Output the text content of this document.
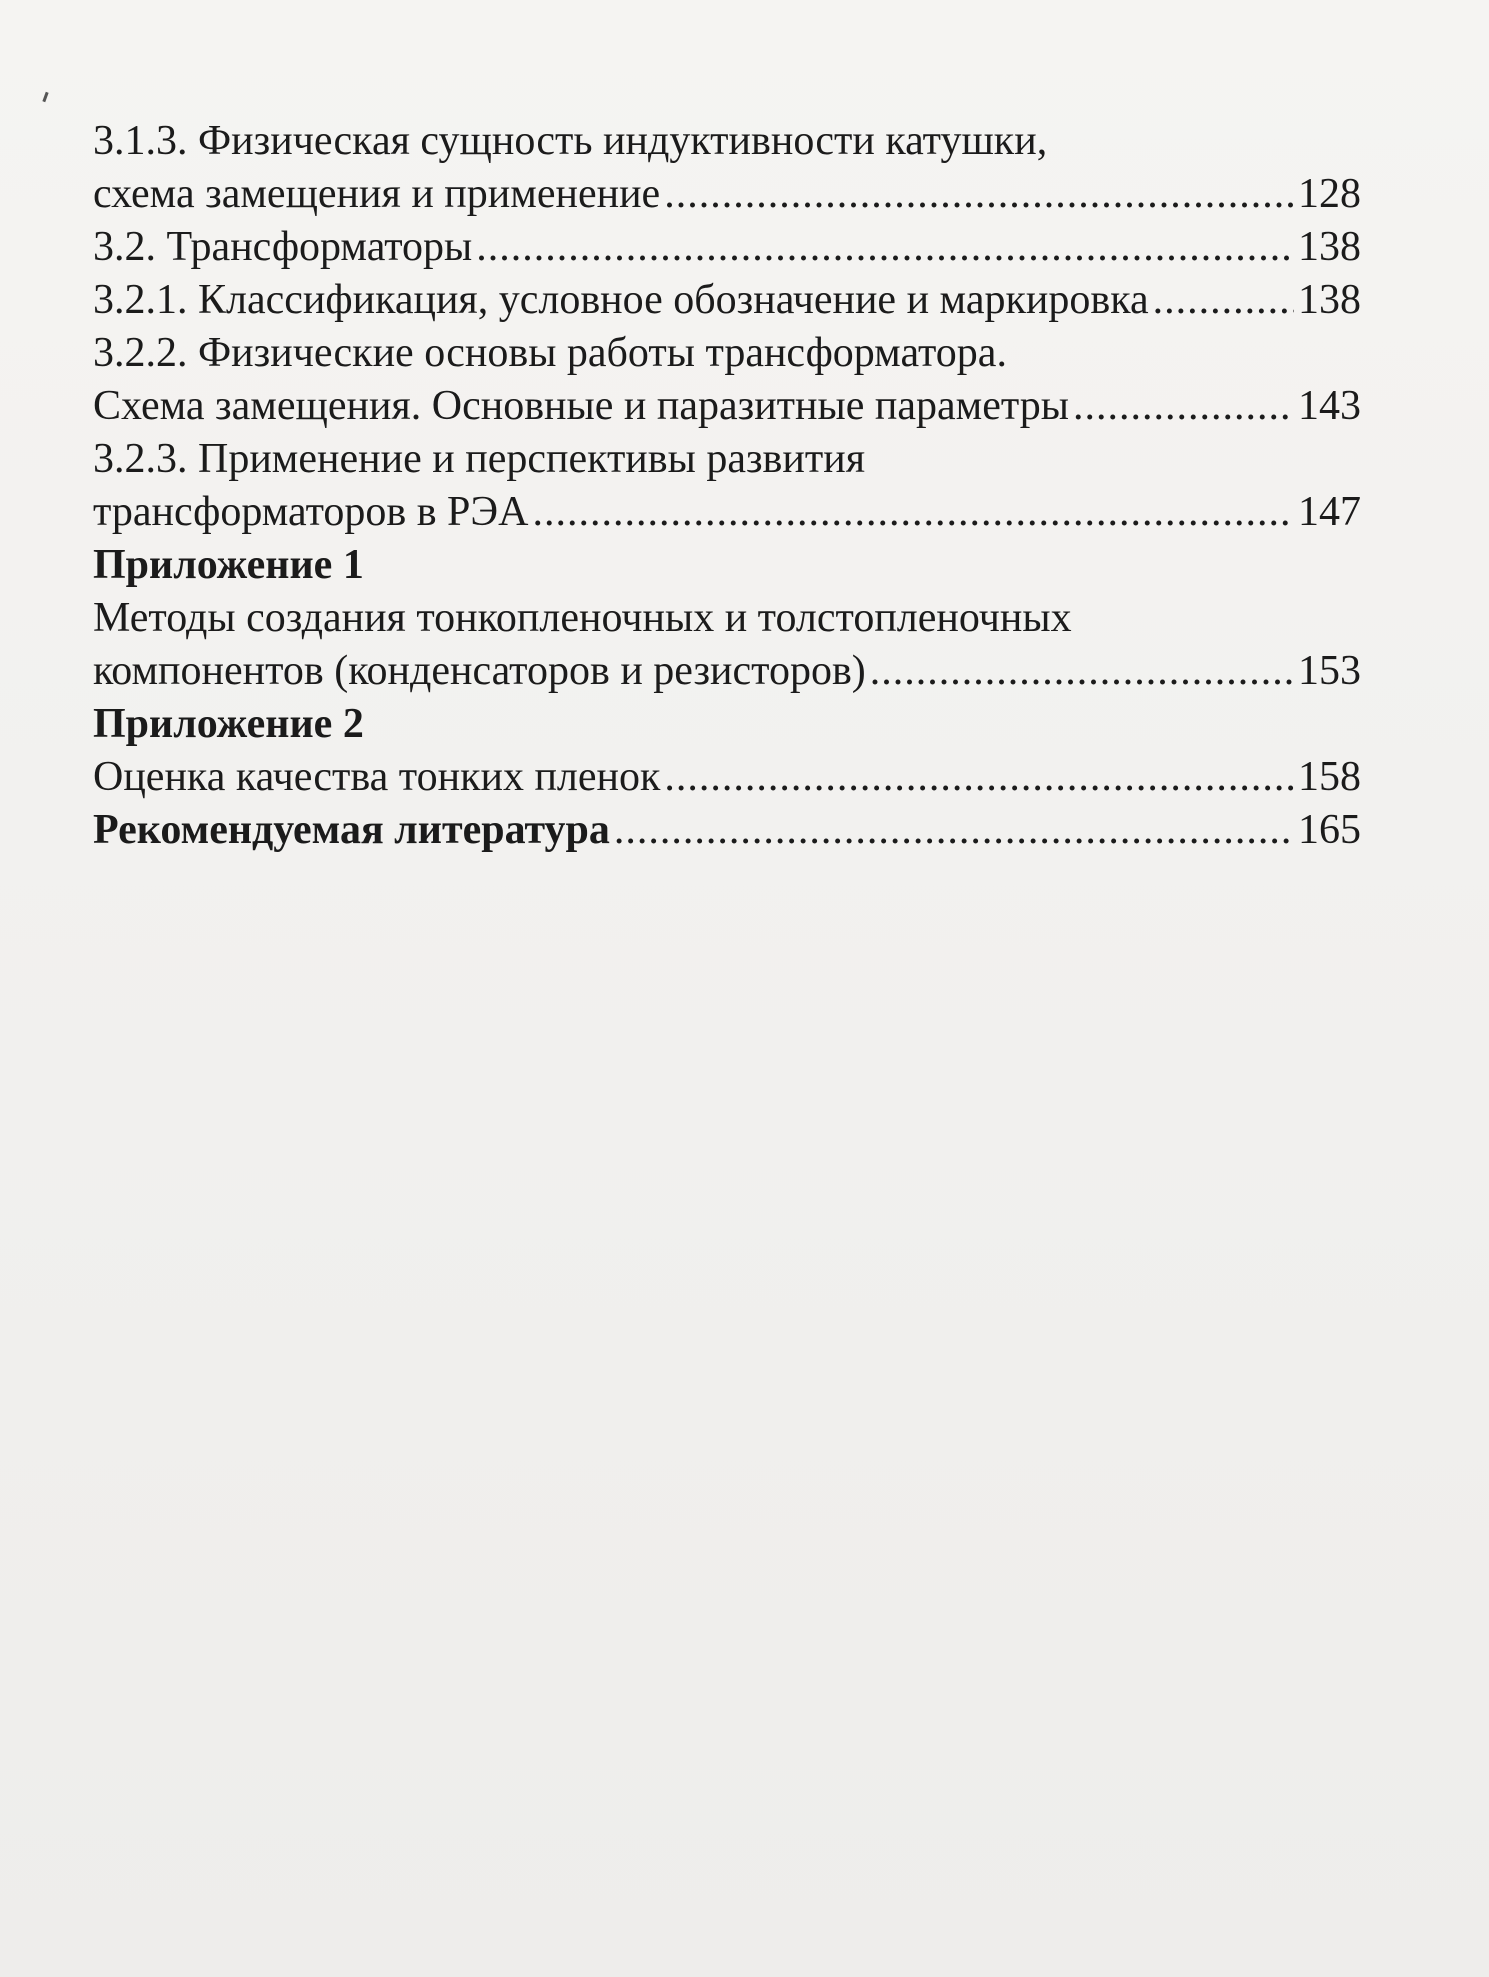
3.1.3. Физическая сущность индуктивности катушки,
схема замещения и применение .....	128
3.2. Трансформаторы .....	138
3.2.1. Классификация, условное обозначение и маркировка .....	138
3.2.2. Физические основы работы трансформатора.
Схема замещения. Основные и паразитные параметры .....	143
3.2.3. Применение и перспективы развития
трансформаторов в РЭА .....	147
Приложение 1
Методы создания тонкопленочных и толстопленочных
компонентов (конденсаторов и резисторов) .....	153
Приложение 2
Оценка качества тонких пленок .....	158
Рекомендуемая литература .....	165
